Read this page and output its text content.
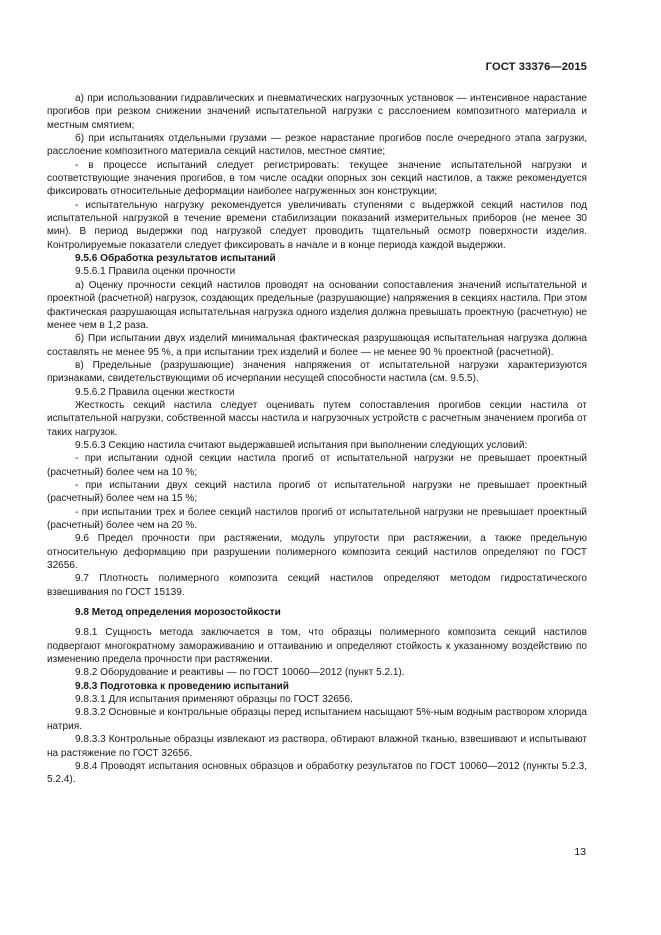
ГОСТ 33376—2015

а) при использовании гидравлических и пневматических нагрузочных установок — интенсивное нарастание прогибов при резком снижении значений испытательной нагрузки с расслоением композитного материала и местным смятием;

б) при испытаниях отдельными грузами — резкое нарастание прогибов после очередного этапа загрузки, расслоение композитного материала секций настилов, местное смятие;

- в процессе испытаний следует регистрировать: текущее значение испытательной нагрузки и соответствующие значения прогибов, в том числе осадки опорных зон секций настилов, а также рекомендуется фиксировать относительные деформации наиболее нагруженных зон конструкции;

- испытательную нагрузку рекомендуется увеличивать ступенями с выдержкой секций настилов под испытательной нагрузкой в течение времени стабилизации показаний измерительных приборов (не менее 30 мин). В период выдержки под нагрузкой следует проводить тщательный осмотр поверхности изделия. Контролируемые показатели следует фиксировать в начале и в конце периода каждой выдержки.

9.5.6 Обработка результатов испытаний

9.5.6.1 Правила оценки прочности

а) Оценку прочности секций настилов проводят на основании сопоставления значений испытательной и проектной (расчетной) нагрузок, создающих предельные (разрушающие) напряжения в секциях настила. При этом фактическая разрушающая испытательная нагрузка одного изделия должна превышать проектную (расчетную) не менее чем в 1,2 раза.

б) При испытании двух изделий минимальная фактическая разрушающая испытательная нагрузка должна составлять не менее 95 %, а при испытании трех изделий и более — не менее 90 % проектной (расчетной).

в) Предельные (разрушающие) значения напряжения от испытательной нагрузки характеризуются признаками, свидетельствующими об исчерпании несущей способности настила (см. 9.5.5).

9.5.6.2 Правила оценки жесткости

Жесткость секций настила следует оценивать путем сопоставления прогибов секции настила от испытательной нагрузки, собственной массы настила и нагрузочных устройств с расчетным значением прогиба от таких нагрузок.

9.5.6.3 Секцию настила считают выдержавшей испытания при выполнении следующих условий:

- при испытании одной секции настила прогиб от испытательной нагрузки не превышает проектный (расчетный) более чем на 10 %;

- при испытании двух секций настила прогиб от испытательной нагрузки не превышает проектный (расчетный) более чем на 15 %;

- при испытании трех и более секций настилов прогиб от испытательной нагрузки не превышает проектный (расчетный) более чем на 20 %.

9.6 Предел прочности при растяжении, модуль упругости при растяжении, а также предельную относительную деформацию при разрушении полимерного композита секций настилов определяют по ГОСТ 32656.

9.7 Плотность полимерного композита секций настилов определяют методом гидростатического взвешивания по ГОСТ 15139.

9.8 Метод определения морозостойкости

9.8.1 Сущность метода заключается в том, что образцы полимерного композита секций настилов подвергают многократному замораживанию и оттаиванию и определяют стойкость к указанному воздействию по изменению предела прочности при растяжении.

9.8.2 Оборудование и реактивы — по ГОСТ 10060—2012 (пункт 5.2.1).

9.8.3 Подготовка к проведению испытаний

9.8.3.1 Для испытания применяют образцы по ГОСТ 32656.

9.8.3.2 Основные и контрольные образцы перед испытанием насыщают 5%-ным водным раствором хлорида натрия.

9.8.3.3 Контрольные образцы извлекают из раствора, обтирают влажной тканью, взвешивают и испытывают на растяжение по ГОСТ 32656.

9.8.4 Проводят испытания основных образцов и обработку результатов по ГОСТ 10060—2012 (пункты 5.2.3, 5.2.4).

13
